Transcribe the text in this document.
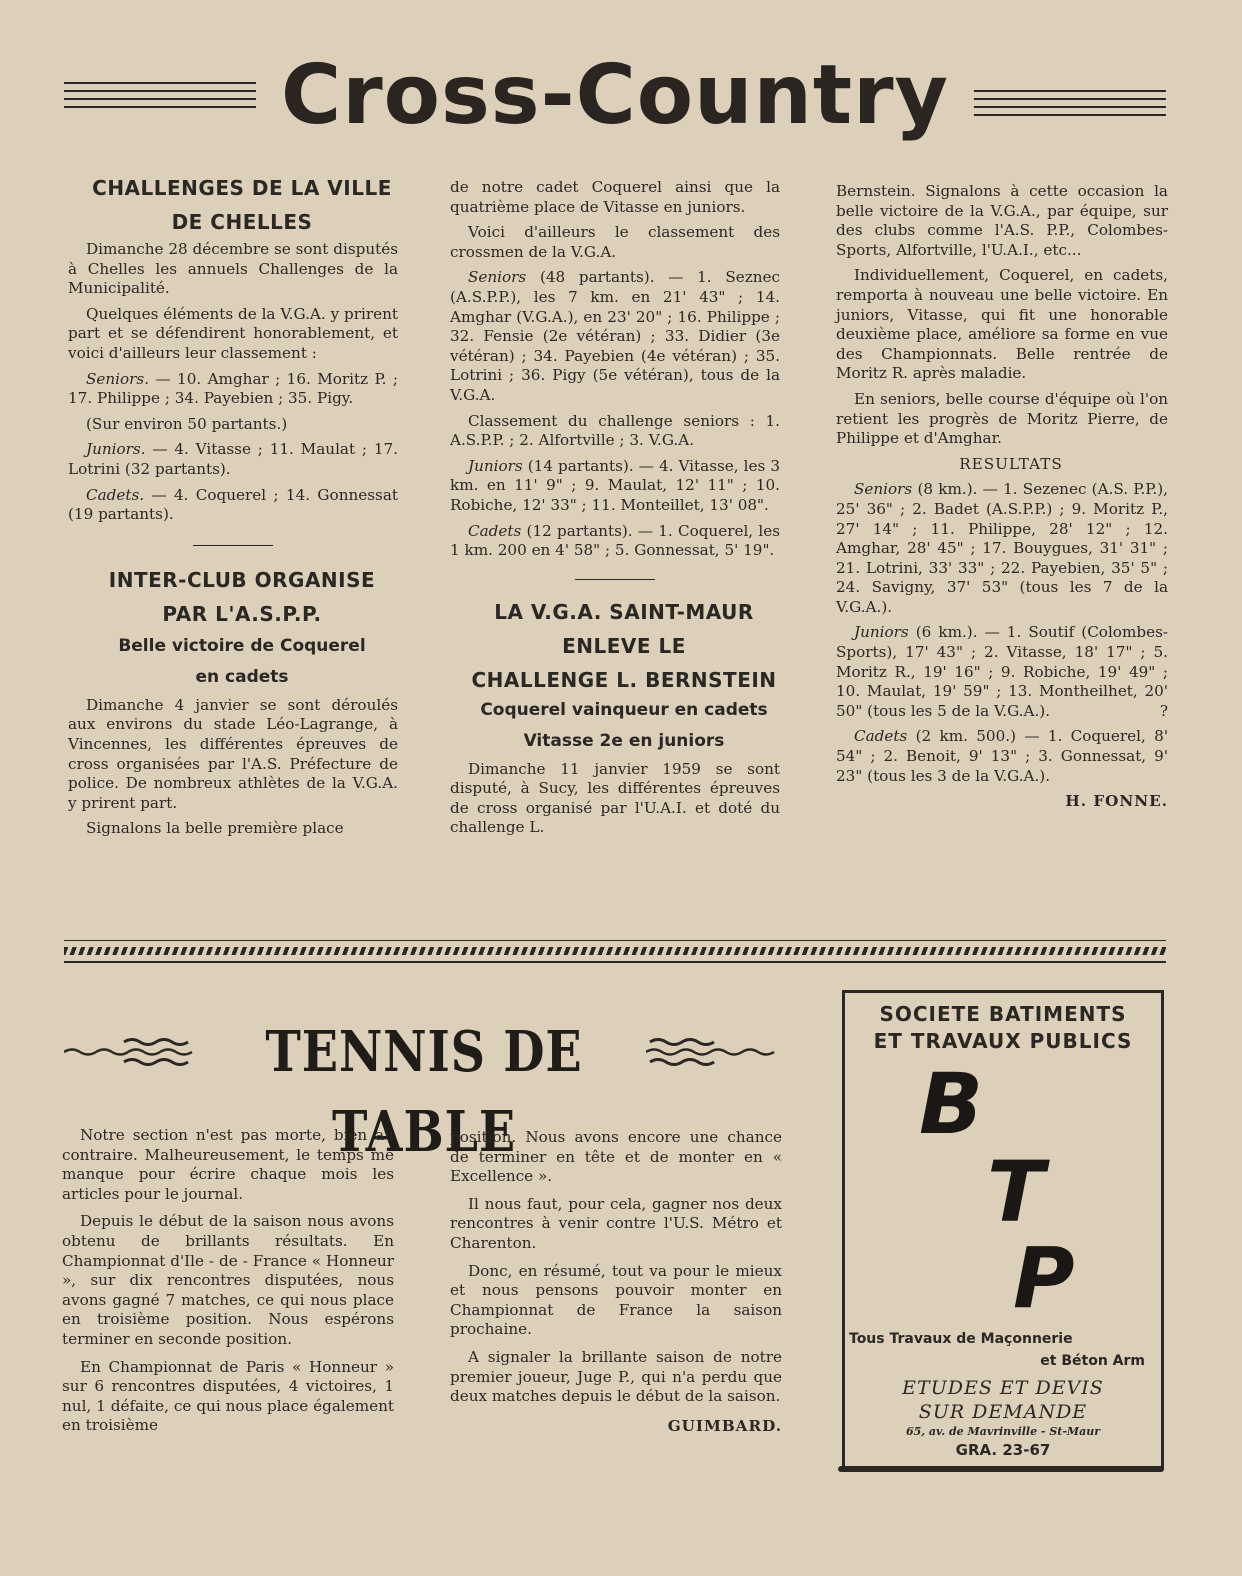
Cross-Country

CHALLENGES DE LA VILLE

DE CHELLES

Dimanche 28 décembre se sont disputés à Chelles les annuels Challenges de la Municipalité.

Quelques éléments de la V.G.A. y prirent part et se défendirent honorablement, et voici d'ailleurs leur classement :

Seniors. — 10. Amghar ; 16. Moritz P. ; 17. Philippe ; 34. Payebien ; 35. Pigy.

(Sur environ 50 partants.)

Juniors. — 4. Vitasse ; 11. Maulat ; 17. Lotrini (32 partants).

Cadets. — 4. Coquerel ; 14. Gonnessat (19 partants).

INTER-CLUB ORGANISE

PAR L'A.S.P.P.

Belle victoire de Coquerel

en cadets

Dimanche 4 janvier se sont déroulés aux environs du stade Léo-Lagrange, à Vincennes, les différentes épreuves de cross organisées par l'A.S. Préfecture de police. De nombreux athlètes de la V.G.A. y prirent part.

Signalons la belle première place

de notre cadet Coquerel ainsi que la quatrième place de Vitasse en juniors.

Voici d'ailleurs le classement des crossmen de la V.G.A.

Seniors (48 partants). — 1. Seznec (A.S.P.P.), les 7 km. en 21' 43" ; 14. Amghar (V.G.A.), en 23' 20" ; 16. Philippe ; 32. Fensie (2e vétéran) ; 33. Didier (3e vétéran) ; 34. Payebien (4e vétéran) ; 35. Lotrini ; 36. Pigy (5e vétéran), tous de la V.G.A.

Classement du challenge seniors : 1. A.S.P.P. ; 2. Alfortville ; 3. V.G.A.

Juniors (14 partants). — 4. Vitasse, les 3 km. en 11' 9" ; 9. Maulat, 12' 11" ; 10. Robiche, 12' 33" ; 11. Monteillet, 13' 08".

Cadets (12 partants). — 1. Coquerel, les 1 km. 200 en 4' 58" ; 5. Gonnessat, 5' 19".

LA V.G.A. SAINT-MAUR

ENLEVE LE

CHALLENGE L. BERNSTEIN

Coquerel vainqueur en cadets

Vitasse 2e en juniors

Dimanche 11 janvier 1959 se sont disputé, à Sucy, les différentes épreuves de cross organisé par l'U.A.I. et doté du challenge L.

Bernstein. Signalons à cette occasion la belle victoire de la V.G.A., par équipe, sur des clubs comme l'A.S. P.P., Colombes-Sports, Alfortville, l'U.A.I., etc...

Individuellement, Coquerel, en cadets, remporta à nouveau une belle victoire. En juniors, Vitasse, qui fit une honorable deuxième place, améliore sa forme en vue des Championnats. Belle rentrée de Moritz R. après maladie.

En seniors, belle course d'équipe où l'on retient les progrès de Moritz Pierre, de Philippe et d'Amghar.

RESULTATS

Seniors (8 km.). — 1. Sezenec (A.S. P.P.), 25' 36" ; 2. Badet (A.S.P.P.) ; 9. Moritz P., 27' 14" ; 11. Philippe, 28' 12" ; 12. Amghar, 28' 45" ; 17. Bouygues, 31' 31" ; 21. Lotrini, 33' 33" ; 22. Payebien, 35' 5" ; 24. Savigny, 37' 53" (tous les 7 de la V.G.A.).

Juniors (6 km.). — 1. Soutif (Colombes-Sports), 17' 43" ; 2. Vitasse, 18' 17" ; 5. Moritz R., 19' 16" ; 9. Robiche, 19' 49" ; 10. Maulat, 19' 59" ; 13. Montheilhet, 20' 50" (tous les 5 de la V.G.A.).	?

Cadets (2 km. 500.) — 1. Coquerel, 8' 54" ; 2. Benoit, 9' 13" ; 3. Gonnessat, 9' 23" (tous les 3 de la V.G.A.).

H. FONNE.

TENNIS DE TABLE

Notre section n'est pas morte, bien au contraire. Malheureusement, le temps me manque pour écrire chaque mois les articles pour le journal.

Depuis le début de la saison nous avons obtenu de brillants résultats. En Championnat d'Ile - de - France « Honneur », sur dix rencontres disputées, nous avons gagné 7 matches, ce qui nous place en troisième position. Nous espérons terminer en seconde position.

En Championnat de Paris « Honneur » sur 6 rencontres disputées, 4 victoires, 1 nul, 1 défaite, ce qui nous place également en troisième

position. Nous avons encore une chance de terminer en tête et de monter en « Excellence ».

Il nous faut, pour cela, gagner nos deux rencontres à venir contre l'U.S. Métro et Charenton.

Donc, en résumé, tout va pour le mieux et nous pensons pouvoir monter en Championnat de France la saison prochaine.

A signaler la brillante saison de notre premier joueur, Juge P., qui n'a perdu que deux matches depuis le début de la saison.

GUIMBARD.

SOCIETE BATIMENTS
ET TRAVAUX PUBLICS
B
T
P
Tous Travaux de Maçonnerie
et Béton Arm
ETUDES ET DEVIS
SUR DEMANDE
65, av. de Mavrinville - St-Maur
GRA. 23-67
